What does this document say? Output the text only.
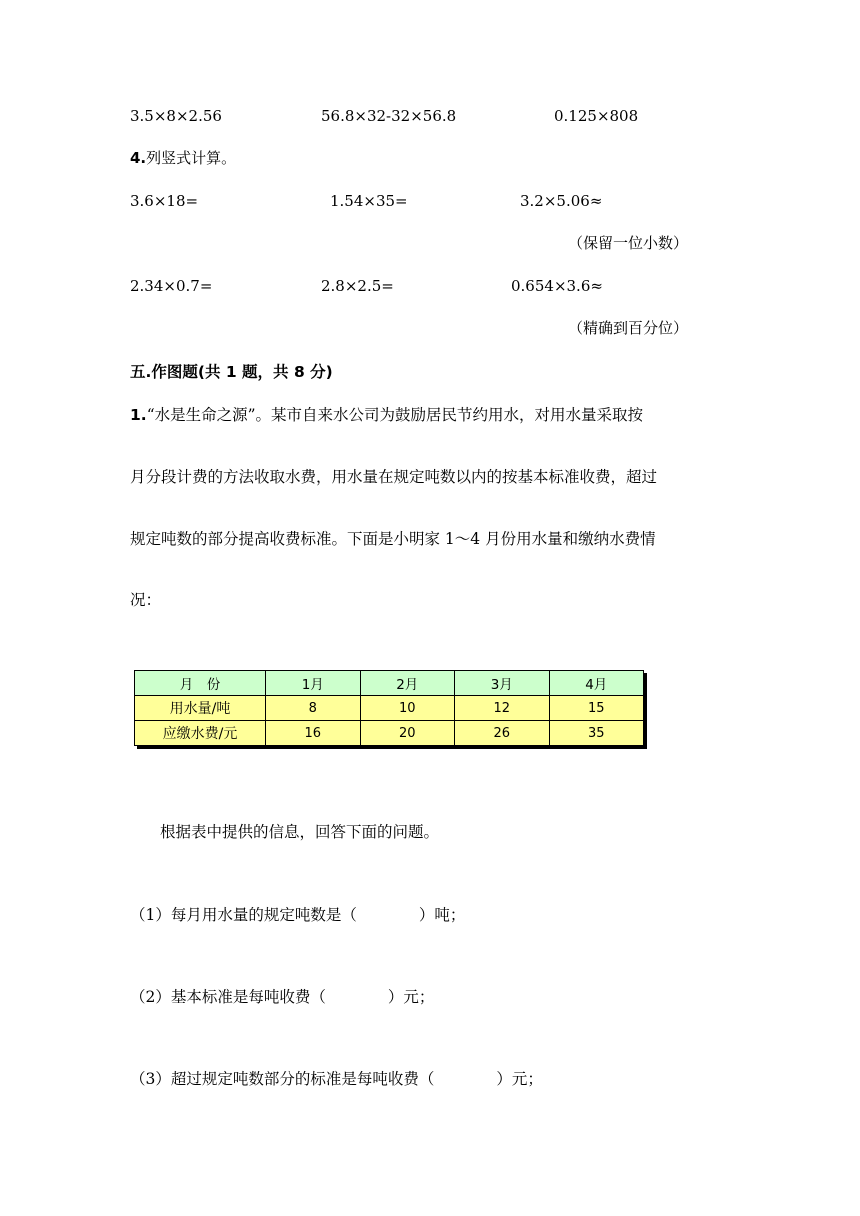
3.5×8×2.56	56.8×32-32×56.8	0.125×808
4.列竖式计算。
3.6×18=	1.54×35=	3.2×5.06≈
（保留一位小数）
2.34×0.7=	2.8×2.5=	0.654×3.6≈
（精确到百分位）
五.作图题(共 1 题，共 8 分)
1.“水是生命之源”。某市自来水公司为鼓励居民节约用水，对用水量采取按
月分段计费的方法收取水费，用水量在规定吨数以内的按基本标准收费，超过
规定吨数的部分提高收费标准。下面是小明家 1～4 月份用水量和缴纳水费情
况：
月　份	1月	2月	3月	4月
用水量/吨	8	10	12	15
应缴水费/元	16	20	26	35
根据表中提供的信息，回答下面的问题。
（1）每月用水量的规定吨数是（　　　　）吨；
（2）基本标准是每吨收费（　　　　）元；
（3）超过规定吨数部分的标准是每吨收费（　　　　）元；
